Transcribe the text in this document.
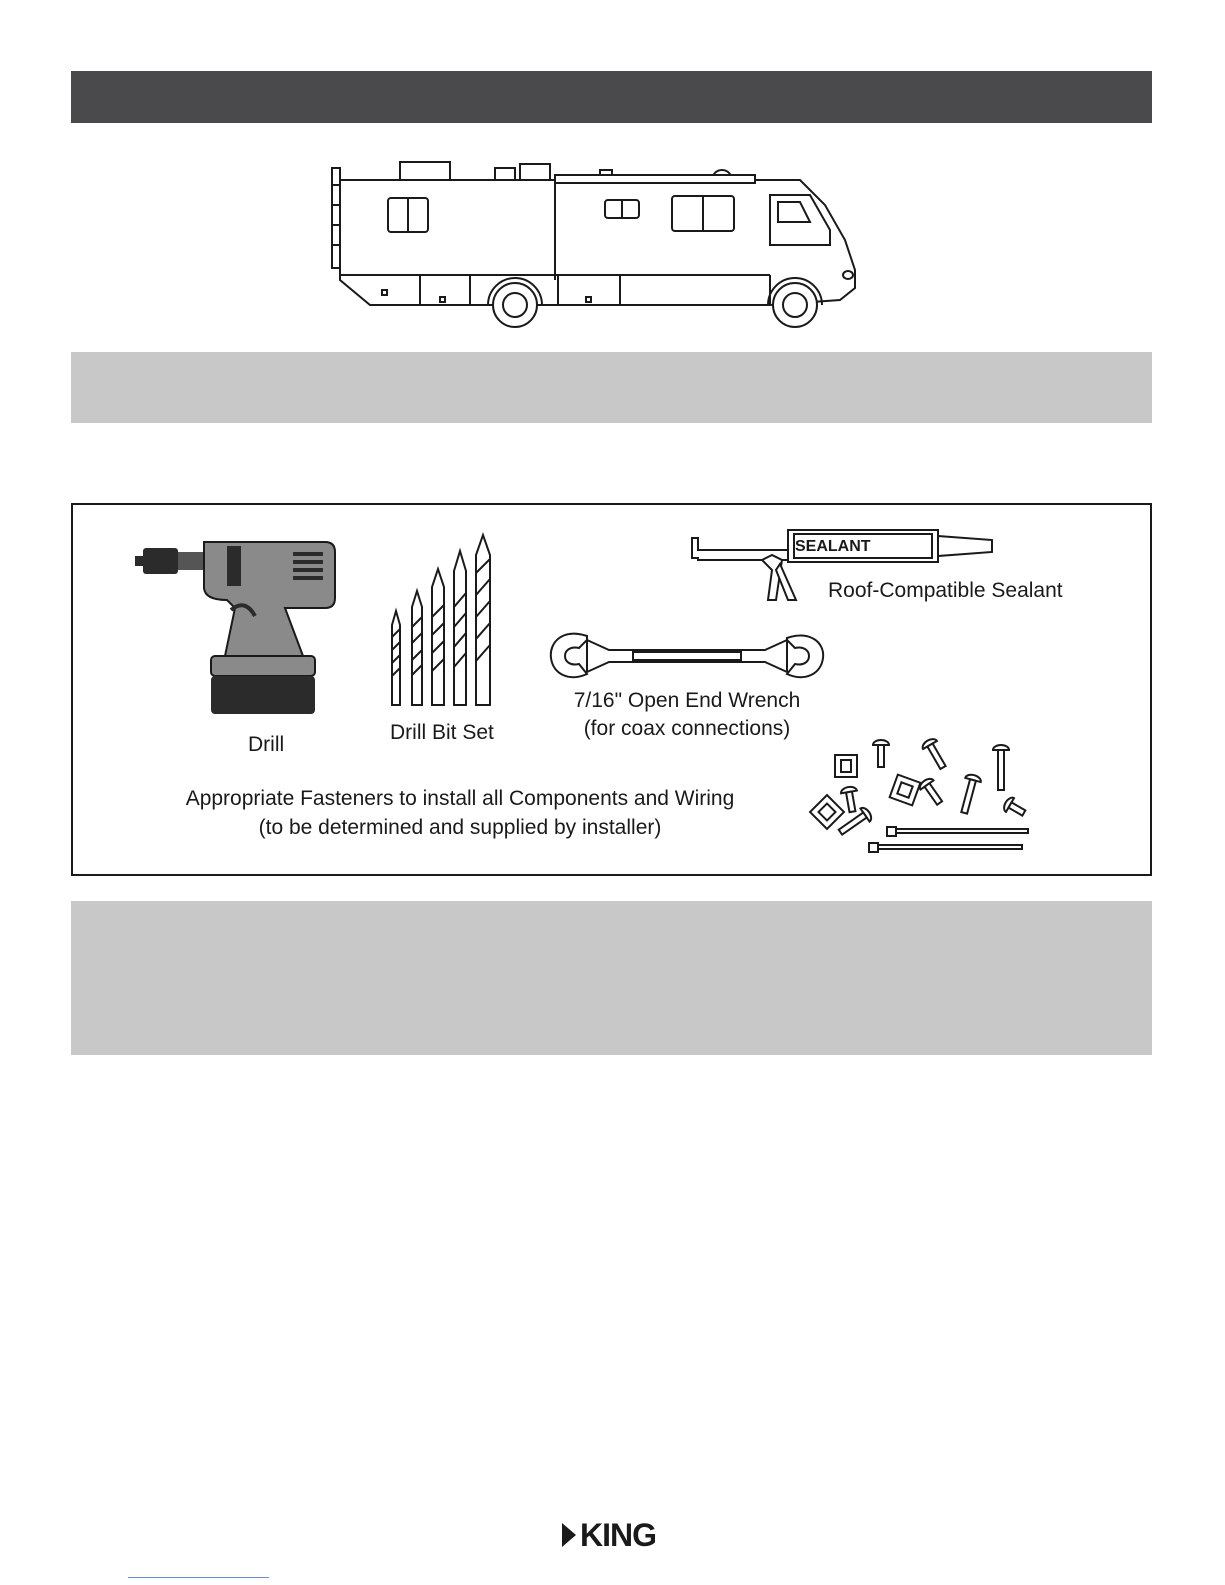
Drill
Drill Bit Set
SEALANT
Roof-Compatible Sealant
7/16" Open End Wrench
(for coax connections)
Appropriate Fasteners to install all Components and Wiring
(to be determined and supplied by installer)
KING
